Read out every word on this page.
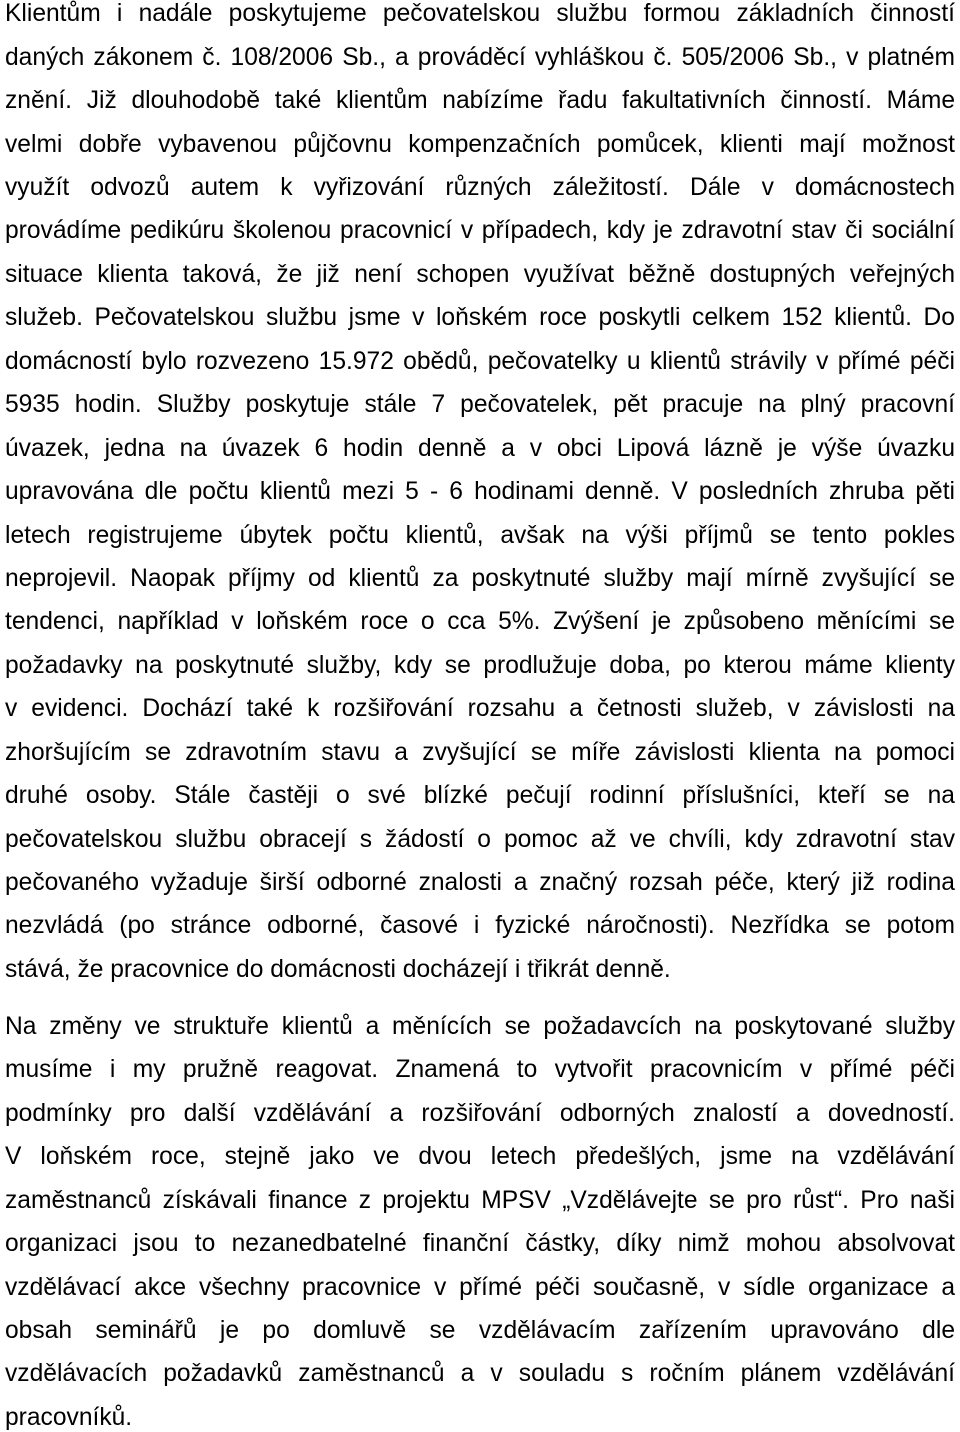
Klientům i nadále poskytujeme pečovatelskou službu formou základních činností
daných zákonem č. 108/2006 Sb., a prováděcí vyhláškou č. 505/2006 Sb., v platném
znění. Již dlouhodobě také klientům nabízíme řadu fakultativních činností. Máme
velmi dobře vybavenou půjčovnu kompenzačních pomůcek, klienti mají možnost
využít odvozů autem k vyřizování různých záležitostí. Dále v domácnostech
provádíme pedikúru školenou pracovnicí v případech, kdy je zdravotní stav či sociální
situace klienta taková, že již není schopen využívat běžně dostupných veřejných
služeb. Pečovatelskou službu jsme v loňském roce poskytli celkem 152 klientů. Do
domácností bylo rozvezeno 15.972 obědů, pečovatelky u klientů strávily v přímé péči
5935 hodin. Služby poskytuje stále 7 pečovatelek, pět pracuje na plný pracovní
úvazek, jedna na úvazek 6 hodin denně a v obci Lipová lázně je výše úvazku
upravována dle počtu klientů mezi 5 - 6 hodinami denně. V posledních zhruba pěti
letech registrujeme úbytek počtu klientů, avšak na výši příjmů se tento pokles
neprojevil. Naopak příjmy od klientů za poskytnuté služby mají mírně zvyšující se
tendenci, například v loňském roce o cca 5%. Zvýšení je způsobeno měnícími se
požadavky na poskytnuté služby, kdy se prodlužuje doba, po kterou máme klienty
v evidenci. Dochází také k rozšiřování rozsahu a četnosti služeb, v závislosti na
zhoršujícím se zdravotním stavu a zvyšující se míře závislosti klienta na pomoci
druhé osoby. Stále častěji o své blízké pečují rodinní příslušníci, kteří se na
pečovatelskou službu obracejí s žádostí o pomoc až ve chvíli, kdy zdravotní stav
pečovaného vyžaduje širší odborné znalosti a značný rozsah péče, který již rodina
nezvládá (po stránce odborné, časové i fyzické náročnosti). Nezřídka se potom
stává, že pracovnice do domácnosti docházejí i třikrát denně.
Na změny ve struktuře klientů a měnících se požadavcích na poskytované služby
musíme i my pružně reagovat. Znamená to vytvořit pracovnicím v přímé péči
podmínky pro další vzdělávání a rozšiřování odborných znalostí a dovedností.
V loňském roce, stejně jako ve dvou letech předešlých, jsme na vzdělávání
zaměstnanců získávali finance z projektu MPSV „Vzdělávejte se pro růst“. Pro naši
organizaci jsou to nezanedbatelné finanční částky, díky nimž mohou absolvovat
vzdělávací akce všechny pracovnice v přímé péči současně, v sídle organizace a
obsah seminářů je po domluvě se vzdělávacím zařízením upravováno dle
vzdělávacích požadavků zaměstnanců a v souladu s ročním plánem vzdělávání
pracovníků.
